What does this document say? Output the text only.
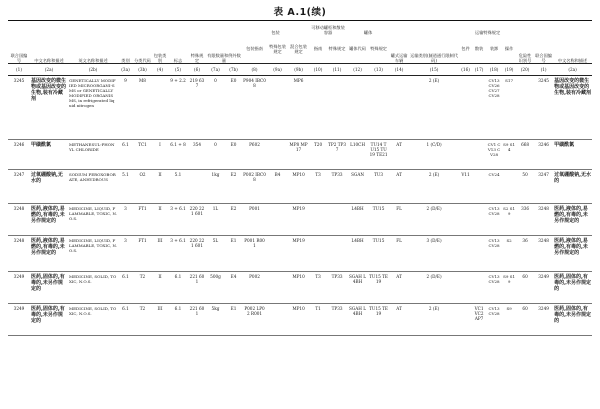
表 A.1(续)
联合国编号	中文名称和描述	英文名称和描述	类别	分类代码	包装类别	标志	特殊规定	有限数量和例外数量		包装			可移动罐柜和散装容器		罐体		罐式运输车辆	运输类别(隧道通行限制代码)	运输特殊规定				危险性识别号	联合国编号	中文名称和描述
										包装指南	特殊包装规定	混合包装规定	指南	特殊规定	罐体代码	特殊规定			包件	散装	装卸	操作			
(1)	(2a)	(2b)	(3a)	(3b)	(4)	(5)	(6)	(7a)	(7b)	(8)	(9a)	(9b)	(10)	(11)	(12)	(13)	(14)	(15)	(16)	(17)	(18)	(19)	(20)	(1)	(2a)
3245	基因改变的微生物或基因改变的生物,装有冷藏剂	GENETICALLY MODIFIED MICROORGANI-SMS or GENETICALLY MODIFIED ORGANISMS, in refrigerated liquid nitrogen	9	M8		9 + 2.2	219 637	0	E0	P904 IBC08		MP6						2 (E)			CV13 CV26 CV27 CV28	S17		3245	基因改变的微生物或基因改变的生物,装有冷藏剂
3246	甲磺酰氯	METHANESUL-PHONYL CHLORIDE	6.1	TC1	I	6.1 + 8	354	0	E0	P602		MP8 MP17	T20	TP2 TP37	L10CH	TU14 TU15 TU19 TE21	AT	1 (C/D)			CV1 CV13 CV28	S9 S14	668	3246	甲磺酰氯
3247	过氧硼酸钠,无水的	SODIUM PEROXOBORATE, ANHYDROUS	5.1	O2	II	5.1		1kg	E2	P002 IBC08	B4	MP10	T3	TP33	SGAN	TU3	AT	2 (E)	V11		CV24		50	3247	过氧硼酸钠,无水的
3248	医药,液体的,易燃的,有毒的,未另作规定的	MEDICINE, LIQUID, FLAMMABLE, TOXIC, N.O.S.	3	FT1	II	3 + 6.1	220 221 601	1L	E2	P001		MP19			L4BH	TU15	FL	2 (D/E)			CV13 CV28	S2 S19	336	3248	医药,液体的,易燃的,有毒的,未另作规定的
3248	医药,液体的,易燃的,有毒的,未另作规定的	MEDICINE, LIQUID, FLAMMABLE, TOXIC, N.O.S.	3	FT1	III	3 + 6.1	220 221 601	5L	E1	P001 R001		MP19			L4BH	TU15	FL	3 (D/E)			CV13 CV28	S2	36	3248	医药,液体的,易燃的,有毒的,未另作规定的
3249	医药,固体的,有毒的,未另作规定的	MEDICINE, SOLID, TOXIC, N.O.S.	6.1	T2	II	6.1	221 601	500g	E4	P002		MP10	T3	TP33	SGAH L4BH	TU15 TE19	AT	2 (D/E)			CV13 CV28	S9 S19	60	3249	医药,固体的,有毒的,未另作规定的
3249	医药,固体的,有毒的,未另作规定的	MEDICINE, SOLID, TOXIC, N.O.S.	6.1	T2	III	6.1	221 601	5kg	E1	P002 LP02 R001		MP10	T1	TP33	SGAH L4BH	TU15 TE19	AT	2 (E)		VC1 VC2 AP7	CV13 CV28	S9	60	3249	医药,固体的,有毒的,未另作规定的
